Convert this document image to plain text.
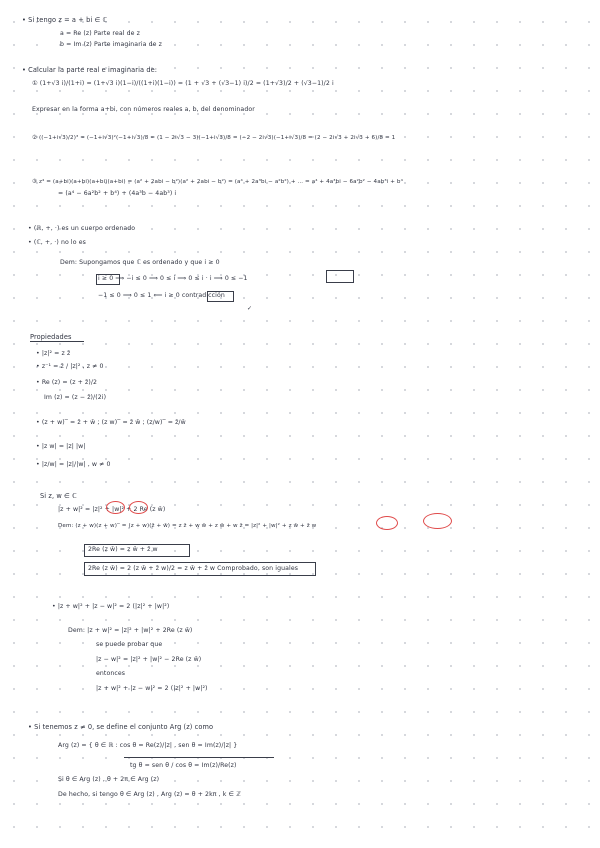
• Si tengo z = a + bi ∈ ℂ
a = Re (z) Parte real de z
b = Im (z) Parte imaginaria de z
• Calcular la parte real e imaginaria de:
① (1+√3 i)/(1+i) = (1+√3 i)(1−i)/((1+i)(1−i)) = (1 + √3 + (√3−1) i)/2 = (1+√3)/2 + (√3−1)/2 i
Expresar en la forma a+bi, con números reales a, b, del denominador
② ((−1+i√3)/2)³ = (−1+i√3)²(−1+i√3)/8 = (1 − 2i√3 − 3)(−1+i√3)/8 = (−2 − 2i√3)(−1+i√3)/8 = (2 − 2i√3 + 2i√3 + 6)/8 = 1
③ z⁴ = (a+bi)(a+bi)(a+bi)(a+bi) = (a² + 2abi − b²)(a² + 2abi − b²) = (a⁴ + 2a³bi − a²b²) + ... = a⁴ + 4a³bi − 6a²b² − 4ab³i + b⁴
= (a⁴ − 6a²b² + b⁴) + (4a³b − 4ab³) i
• (ℝ, +, ·) es un cuerpo ordenado
• (ℂ, +, ·) no lo es
Dem: Supongamos que ℂ es ordenado y que i ≥ 0
i ≥ 0 ⟹ −i ≤ 0 ⟹ 0 ≤ i ⟹ 0 ≤ i · i ⟹ 0 ≤ −1
−1 ≤ 0 ⟹ 0 ≤ 1 ⟸ i ≥ 0 contradicción
✓
Propiedades
• |z|² = z z̄
• z⁻¹ = z̄ / |z|² , z ≠ 0
• Re (z) = (z + z̄)/2
Im (z) = (z − z̄)/(2i)
• (z + w)‾ = z̄ + w̄ ; (z w)‾ = z̄ w̄ ; (z/w)‾ = z̄/w̄
• |z w| = |z| |w|
• |z/w| = |z|/|w| , w ≠ 0
Si z, w ∈ ℂ
|z + w|² = |z|² + |w|² + 2 Re (z w̄)
Dem: (z + w)(z + w)‾ = (z + w)(z̄ + w̄) = z z̄ + w w̄ + z w̄ + w z̄ = |z|² + |w|² + z w̄ + z̄ w
2Re (z w̄) = z w̄ + z̄ w
2Re (z w̄) = 2 (z w̄ + z̄ w)/2 = z w̄ + z̄ w Comprobado, son iguales
• |z + w|² + |z − w|² = 2 (|z|² + |w|²)
Dem: |z + w|² = |z|² + |w|² + 2Re (z w̄)
se puede probar que
|z − w|² = |z|² + |w|² − 2Re (z w̄)
entonces
|z + w|² + |z − w|² = 2 (|z|² + |w|²)
• Si tenemos z ≠ 0, se define el conjunto Arg (z) como
Arg (z) = { θ ∈ ℝ : cos θ = Re(z)/|z| , sen θ = Im(z)/|z| }
tg θ = sen θ / cos θ = Im(z)/Re(z)
Si θ ∈ Arg (z) , θ + 2π ∈ Arg (z)
De hecho, si tengo θ ∈ Arg (z) , Arg (z) = θ + 2kπ , k ∈ ℤ
